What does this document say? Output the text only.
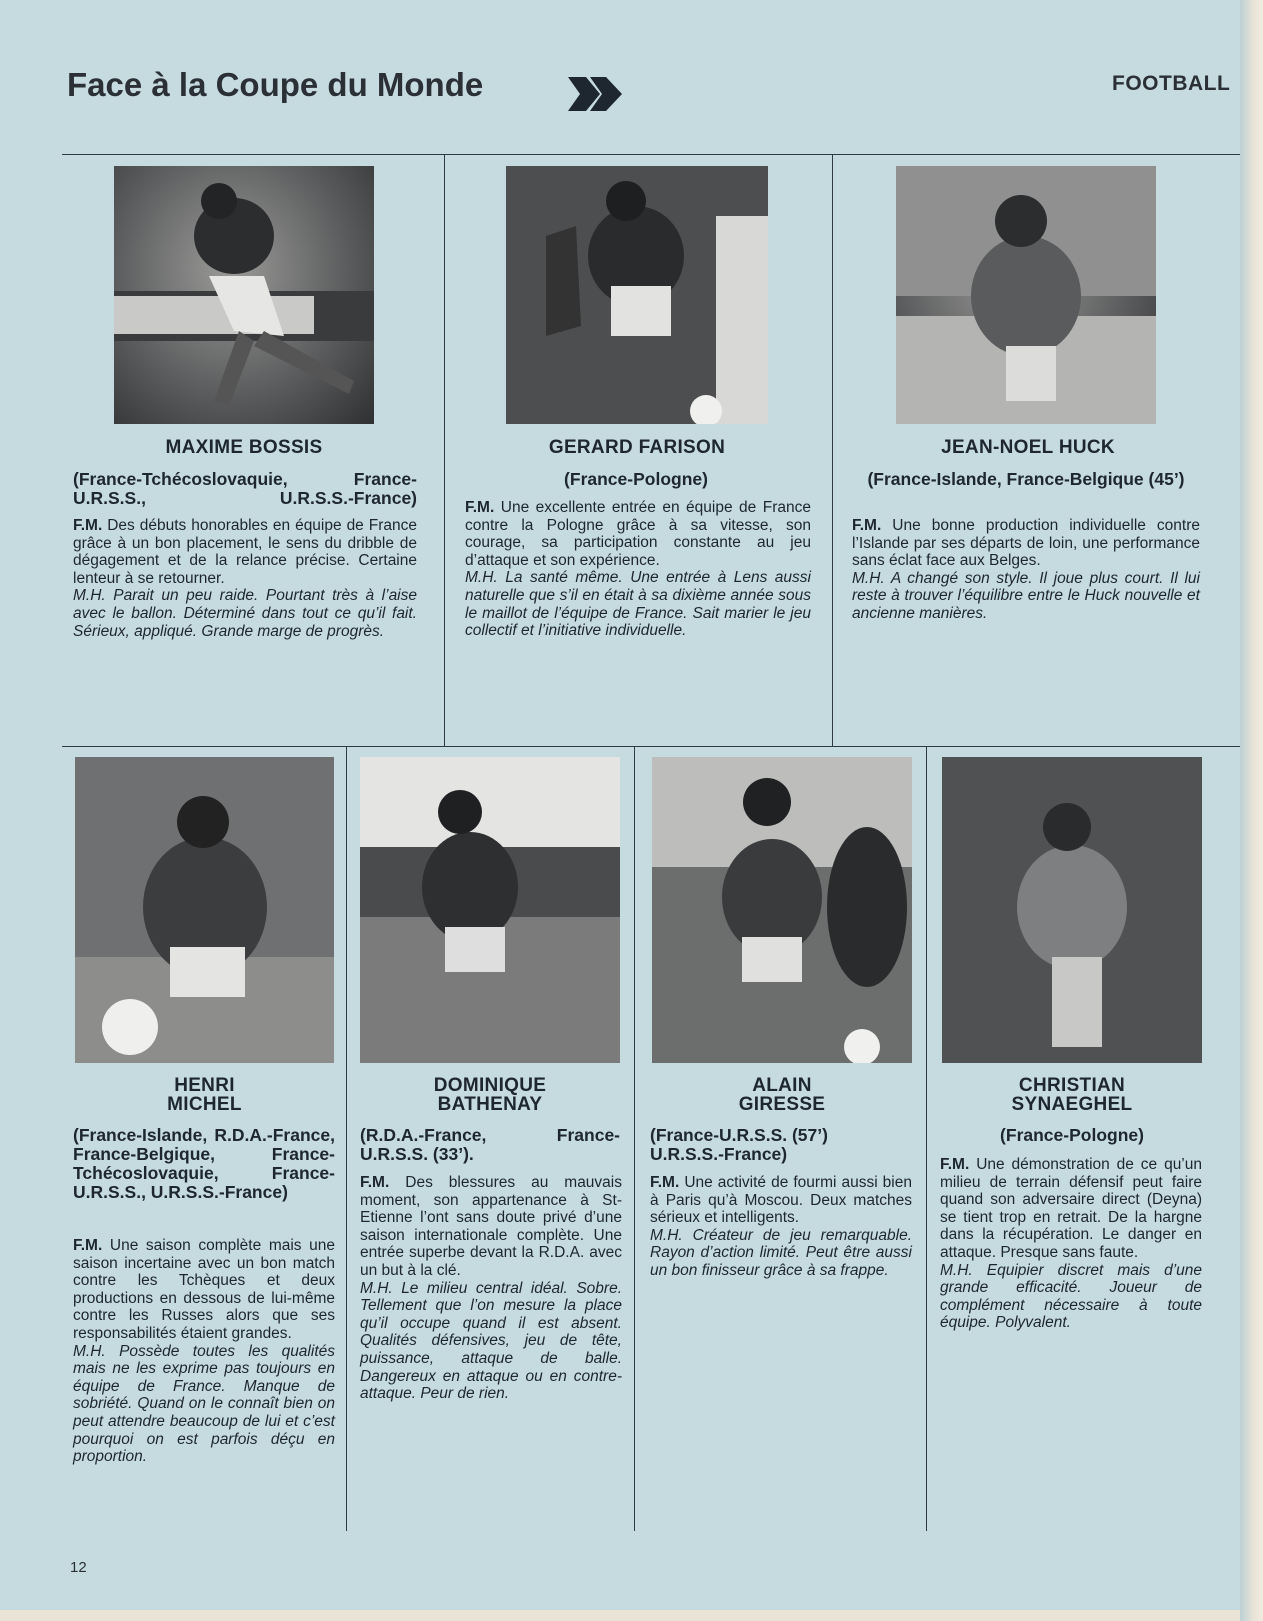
Face à la Coupe du Monde	FOOTBALL
MAXIME BOSSIS
(France-Tchécoslovaquie, France-U.R.S.S., U.R.S.S.-France)

F.M. Des débuts honorables en équipe de France grâce à un bon placement, le sens du dribble de dégagement et de la relance précise. Certaine lenteur à se retourner.

M.H. Parait un peu raide. Pourtant très à l’aise avec le ballon. Déterminé dans tout ce qu’il fait. Sérieux, appliqué. Grande marge de progrès.

GERARD FARISON
(France-Pologne)

F.M. Une excellente entrée en équipe de France contre la Pologne grâce à sa vitesse, son courage, sa participation constante au jeu d’attaque et son expérience.

M.H. La santé même. Une entrée à Lens aussi naturelle que s’il en était à sa dixième année sous le maillot de l’équipe de France. Sait marier le jeu collectif et l’initiative individuelle.

JEAN-NOEL HUCK
(France-Islande, France-Belgique (45’)

F.M. Une bonne production individuelle contre l’Islande par ses départs de loin, une performance sans éclat face aux Belges.

M.H. A changé son style. Il joue plus court. Il lui reste à trouver l’équilibre entre le Huck nouvelle et ancienne manières.

HENRI
MICHEL
(France-Islande, R.D.A.-France, France-Belgique, France-Tchécoslovaquie, France-U.R.S.S., U.R.S.S.-France)

F.M. Une saison complète mais une saison incertaine avec un bon match contre les Tchèques et deux productions en dessous de lui-même contre les Russes alors que ses responsabilités étaient grandes.

M.H. Possède toutes les qualités mais ne les exprime pas toujours en équipe de France. Manque de sobriété. Quand on le connaît bien on peut attendre beaucoup de lui et c’est pourquoi on est parfois déçu en proportion.

DOMINIQUE
BATHENAY
(R.D.A.-France, France-U.R.S.S. (33’).

F.M. Des blessures au mauvais moment, son appartenance à St-Etienne l’ont sans doute privé d’une saison internationale complète. Une entrée superbe devant la R.D.A. avec un but à la clé.

M.H. Le milieu central idéal. Sobre. Tellement que l’on mesure la place qu’il occupe quand il est absent. Qualités défensives, jeu de tête, puissance, attaque de balle. Dangereux en attaque ou en contre-attaque. Peur de rien.

ALAIN
GIRESSE
(France-U.R.S.S. (57’) U.R.S.S.-France)

F.M. Une activité de fourmi aussi bien à Paris qu’à Moscou. Deux matches sérieux et intelligents.

M.H. Créateur de jeu remarquable. Rayon d’action limité. Peut être aussi un bon finisseur grâce à sa frappe.

CHRISTIAN
SYNAEGHEL
(France-Pologne)

F.M. Une démonstration de ce qu’un milieu de terrain défensif peut faire quand son adversaire direct (Deyna) se tient trop en retrait. De la hargne dans la récupération. Le danger en attaque. Presque sans faute.

M.H. Equipier discret mais d’une grande efficacité. Joueur de complément nécessaire à toute équipe. Polyvalent.

12
